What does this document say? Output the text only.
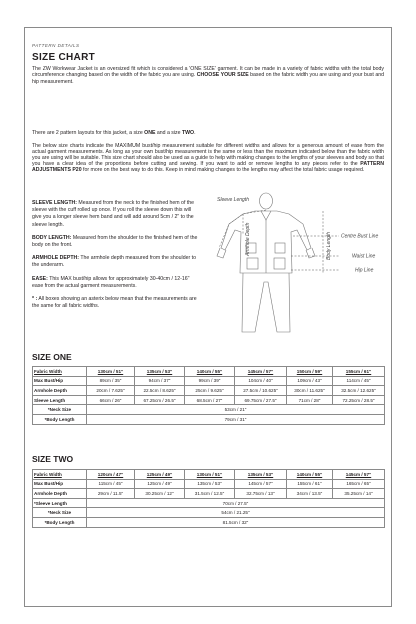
PATTERN DETAILS
SIZE CHART
The ZW Workwear Jacket is an oversized fit which is considered a 'ONE SIZE' garment. It can be made in a variety of fabric widths with the total body circumference changing based on the width of the fabric you are using. CHOOSE YOUR SIZE based on the fabric width you are using and your bust and hip measurement.
There are 2 pattern layouts for this jacket, a size ONE and a size TWO.
The below size charts indicate the MAXIMUM bust/hip measurement suitable for different widths and allows for a generous amount of ease from the actual garment measurements. As long as your own bust/hip measurement is the same or less than the maximum indicated below than the fabric width you are using will be suitable. This size chart should also be used as a guide to help with making changes to the lengths of your sleeves and body so that you have a clear idea of the proportions before cutting and sewing. If you want to add or remove lengths to any pieces refer to the PATTERN ADJUSTMENTS P20 for more on the best way to do this. Keep in mind making changes to the lengths may affect the total fabric usage required.

SLEEVE LENGTH: Measured from the neck to the finished hem of the sleeve with the cuff rolled up once. If you roll the sleeve down this will give you a longer sleeve hem band and will add around 5cm / 2" to the sleeve length.

BODY LENGTH: Measured from the shoulder to the finished hem of the body on the front.

ARMHOLE DEPTH: The armhole depth measured from the shoulder to the underarm.

EASE: This MAX bust/hip allows for approximately 30-40cm / 12-16" ease from the actual garment measurements.

* : All boxes showing an asterix below mean that the measurements are the same for all fabric widths.

Sleeve Length
Armhole Depth	Body Length Centre Bust Line
Waist Line
Hip Line
SIZE ONE
Fabric Width	130cm / 51"	135cm / 53"	140cm / 55"	145cm / 57"	150cm / 59"	155cm / 61"
Max Bust/Hip	89cm / 35"	94cm / 37"	99cm / 39"	104cm / 40"	109cm / 43"	114cm / 45"
Armhole Depth	20cm / 7.625"	22.5cm / 8.625"	25cm / 9.625"	27.5cm / 10.625"	30cm / 11.625"	32.5cm / 12.625"
Sleeve Length	66cm / 26"	67.25cm / 26.5"	68.5cm / 27"	69.75cm / 27.5"	71cm / 28"	72.25cm / 28.5"
*Neck Size	53cm / 21"					
*Body Length	79cm / 31"					
SIZE TWO
Fabric Width	120cm / 47"	125cm / 49"	130cm / 51"	135cm / 53"	140cm / 55"	145cm / 57"
Max Bust/Hip	115cm / 45"	125cm / 49"	135cm / 53"	145cm / 57"	155cm / 61"	165cm / 65"
Armhole Depth	29cm / 11.5"	30.25cm / 12"	31.5cm / 12.5"	32.75cm / 13"	34cm / 13.5"	35.25cm / 14"
*Sleeve Length	70cm / 27.5"					
*Neck Size	54cm / 21.25"					
*Body Length	81.5cm / 32"					
